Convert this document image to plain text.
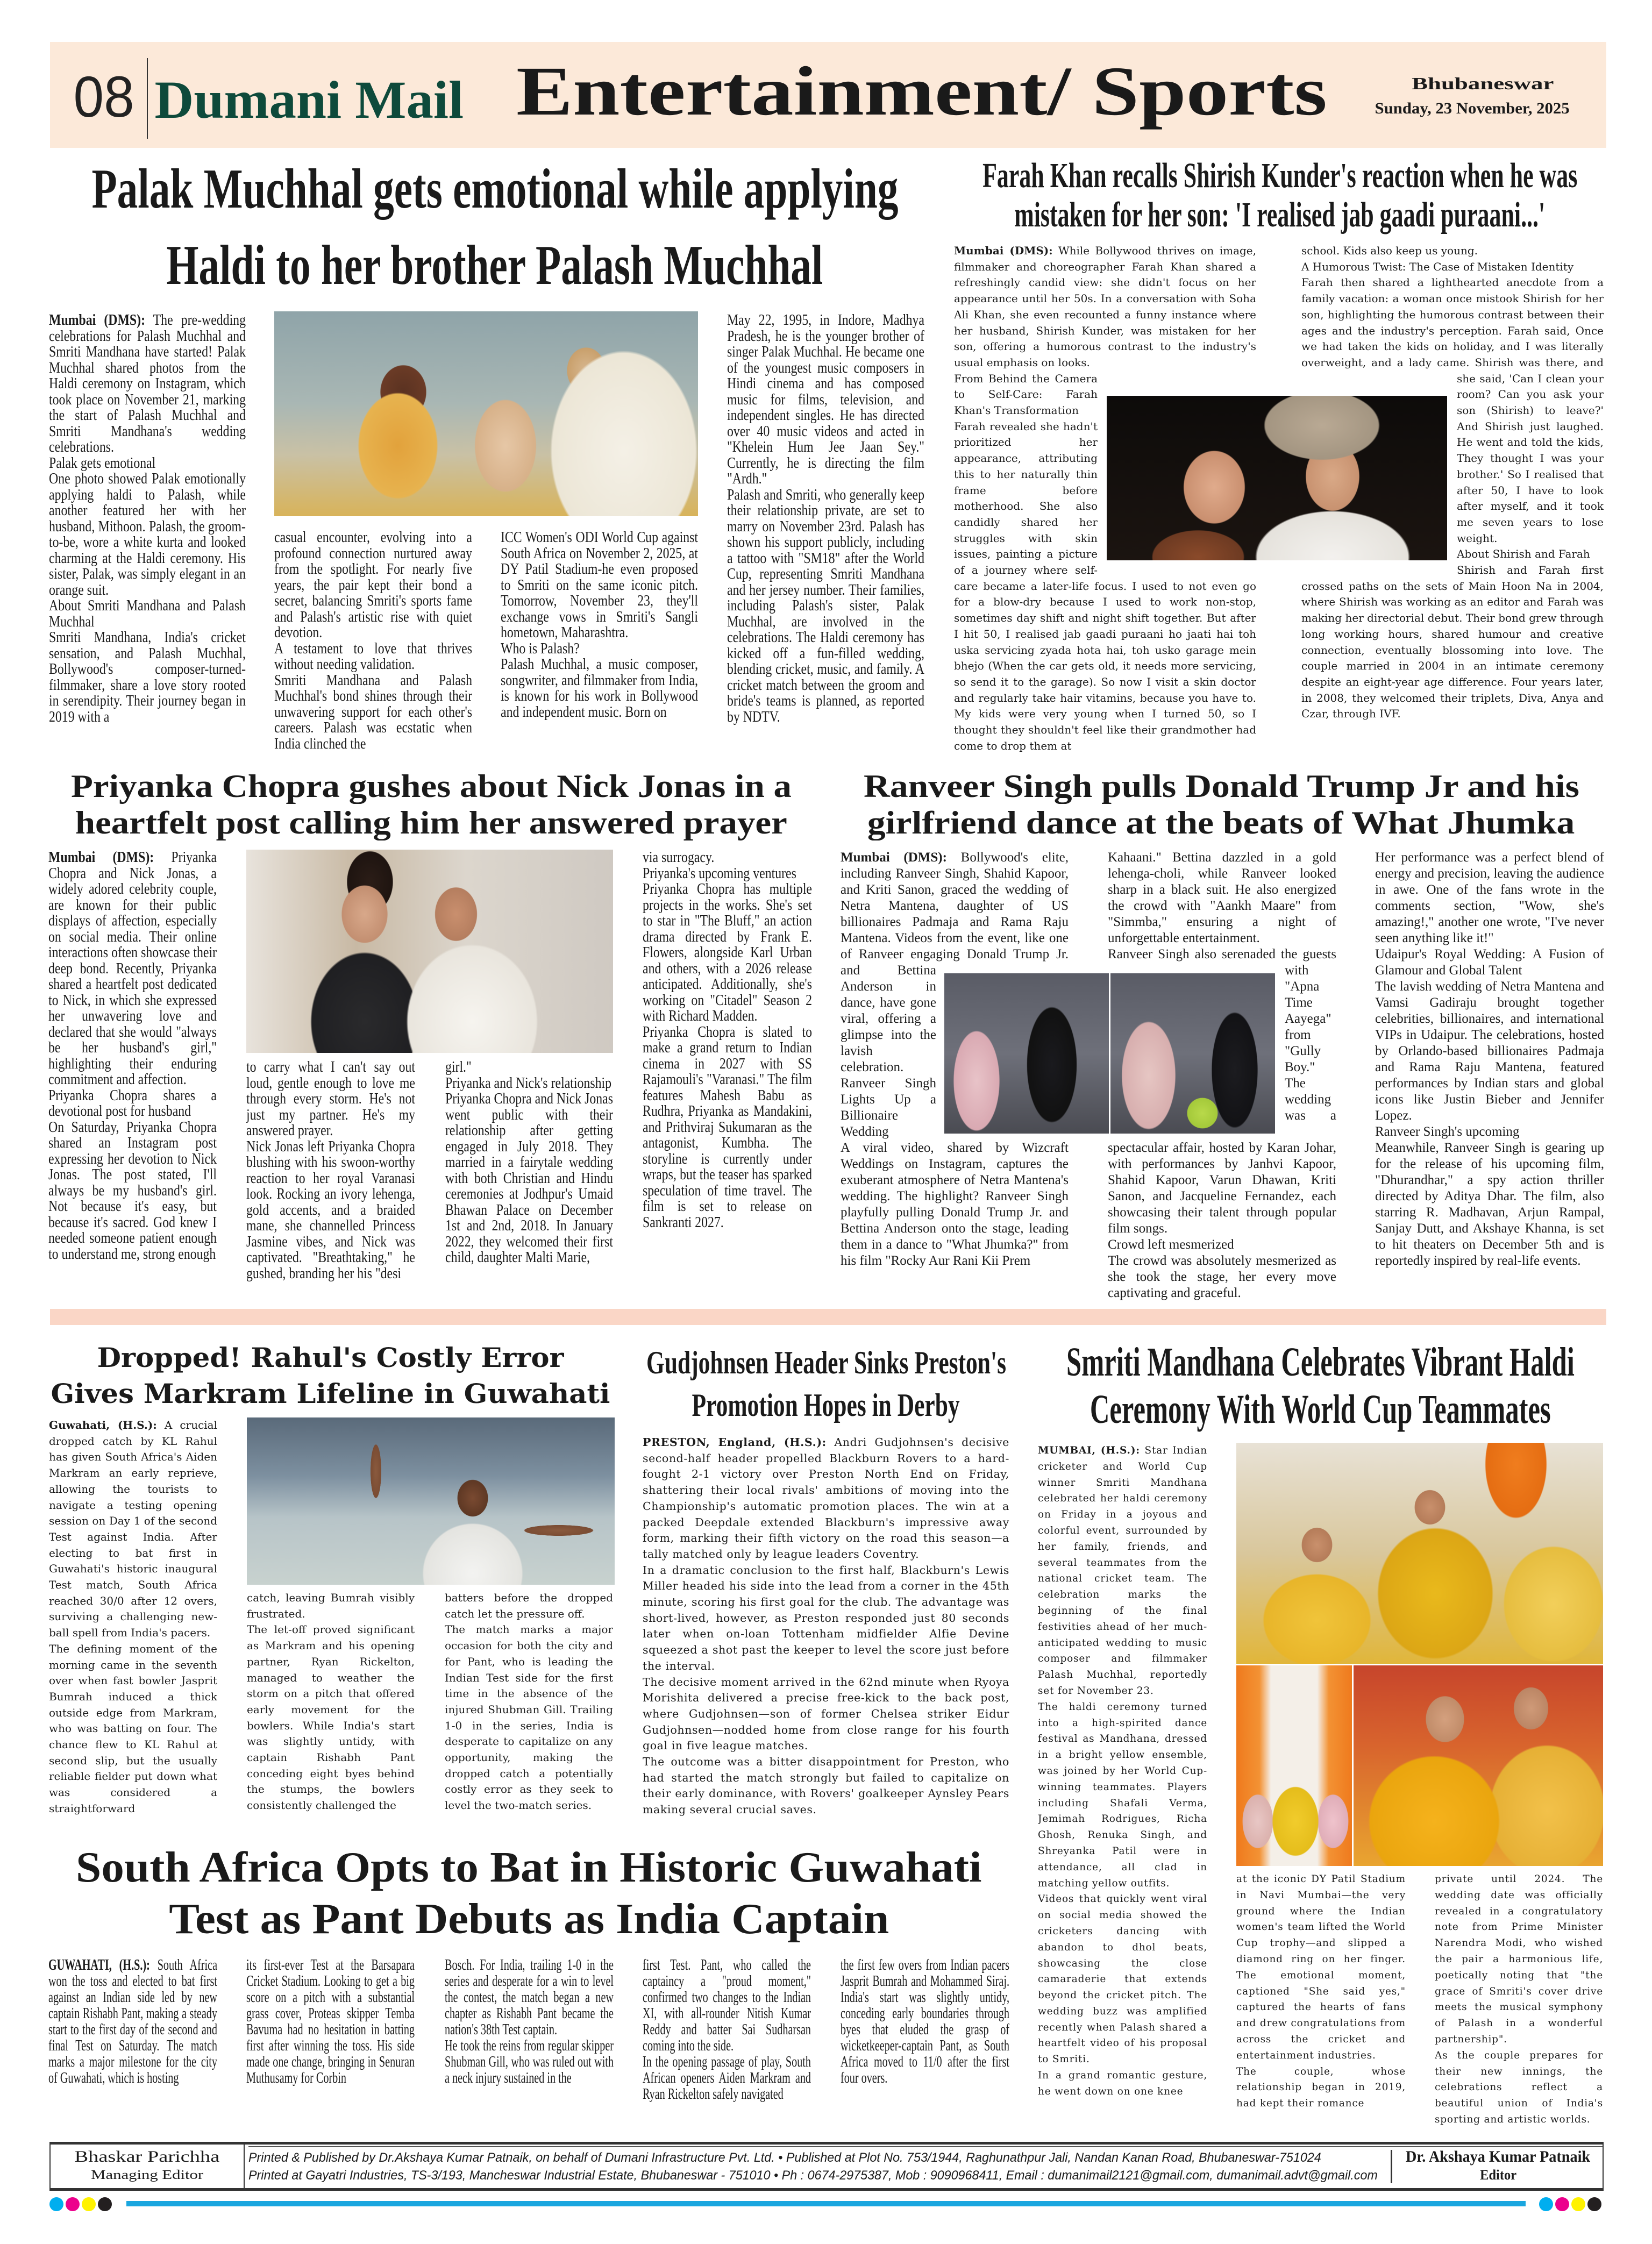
08 Dumani Mail Entertainment/ Sports	Bhubaneswar
Sunday, 23 November, 2025
Palak Muchhal gets emotional while applying
Haldi to her brother Palash Muchhal

Mumbai (DMS): The pre-wedding celebrations for Palash Muchhal and Smriti Mandhana have started! Palak Muchhal shared photos from the Haldi ceremony on Instagram, which took place on November 21, marking the start of Palash Muchhal and Smriti Mandhana's wedding celebrations.

Palak gets emotional

One photo showed Palak emotionally applying haldi to Palash, while another featured her with her husband, Mithoon. Palash, the groom-to-be, wore a white kurta and looked charming at the Haldi ceremony. His sister, Palak, was simply elegant in an orange suit.

About Smriti Mandhana and Palash Muchhal

Smriti Mandhana, India's cricket sensation, and Palash Muchhal, Bollywood's composer-turned-filmmaker, share a love story rooted in serendipity. Their journey began in 2019 with a

casual encounter, evolving into a profound connection nurtured away from the spotlight. For nearly five years, the pair kept their bond a secret, balancing Smriti's sports fame and Palash's artistic rise with quiet devotion.

A testament to love that thrives without needing validation.

Smriti Mandhana and Palash Muchhal's bond shines through their unwavering support for each other's careers. Palash was ecstatic when India clinched the

ICC Women's ODI World Cup against South Africa on November 2, 2025, at DY Patil Stadium-he even proposed to Smriti on the same iconic pitch. Tomorrow, November 23, they'll exchange vows in Smriti's Sangli hometown, Maharashtra.

Who is Palash?

Palash Muchhal, a music composer, songwriter, and filmmaker from India, is known for his work in Bollywood and independent music. Born on

May 22, 1995, in Indore, Madhya Pradesh, he is the younger brother of singer Palak Muchhal. He became one of the youngest music composers in Hindi cinema and has composed music for films, television, and independent singles. He has directed over 40 music videos and acted in "Khelein Hum Jee Jaan Sey." Currently, he is directing the film "Ardh."

Palash and Smriti, who generally keep their relationship private, are set to marry on November 23rd. Palash has shown his support publicly, including a tattoo with "SM18" after the World Cup, representing Smriti Mandhana and her jersey number. Their families, including Palash's sister, Palak Muchhal, are involved in the celebrations. The Haldi ceremony has kicked off a fun-filled wedding, blending cricket, music, and family. A cricket match between the groom and bride's teams is planned, as reported by NDTV.

Farah Khan recalls Shirish Kunder's reaction when he was
mistaken for her son: 'I realised jab gaadi puraani...'

Mumbai (DMS): While Bollywood thrives on image, filmmaker and choreographer Farah Khan shared a refreshingly candid view: she didn't focus on her appearance until her 50s. In a conversation with Soha Ali Khan, she even recounted a funny instance where her husband, Shirish Kunder, was mistaken for her son, offering a humorous contrast to the industry's usual emphasis on looks.

From Behind the Camera to Self-Care: Farah Khan's Transformation

Farah revealed she hadn't prioritized her appearance, attributing this to her naturally thin frame before motherhood. She also candidly shared her struggles with skin issues, painting a picture of a journey where self-care became a later-life focus. I used to not even go for a blow-dry because I used to work non-stop, sometimes day shift and night shift together. But after I hit 50, I realised jab gaadi puraani ho jaati hai toh uska servicing zyada hota hai, toh usko garage mein bhejo (When the car gets old, it needs more servicing, so send it to the garage). So now I visit a skin doctor and regularly take hair vitamins, because you have to. My kids were very young when I turned 50, so I thought they shouldn't feel like their grandmother had come to drop them at

school. Kids also keep us young.

A Humorous Twist: The Case of Mistaken Identity

Farah then shared a lighthearted anecdote from a family vacation: a woman once mistook Shirish for her son, highlighting the humorous contrast between their ages and the industry's perception. Farah said, Once we had taken the kids on holiday, and I was literally overweight, and a lady came. Shirish was there, and she said, 'Can I clean your room? Can you ask your son (Shirish) to leave?' And Shirish just laughed. He went and told the kids, They thought I was your brother.' So I realised that after 50, I have to look after myself, and it took me seven years to lose weight.

About Shirish and Farah

Shirish and Farah first crossed paths on the sets of Main Hoon Na in 2004, where Shirish was working as an editor and Farah was making her directorial debut. Their bond grew through long working hours, shared humour and creative connection, eventually blossoming into love. The couple married in 2004 in an intimate ceremony despite an eight-year age difference. Four years later, in 2008, they welcomed their triplets, Diva, Anya and Czar, through IVF.

Priyanka Chopra gushes about Nick Jonas in a
heartfelt post calling him her answered prayer

Mumbai (DMS): Priyanka Chopra and Nick Jonas, a widely adored celebrity couple, are known for their public displays of affection, especially on social media. Their online interactions often showcase their deep bond. Recently, Priyanka shared a heartfelt post dedicated to Nick, in which she expressed her unwavering love and declared that she would "always be her husband's girl," highlighting their enduring commitment and affection.

Priyanka Chopra shares a devotional post for husband

On Saturday, Priyanka Chopra shared an Instagram post expressing her devotion to Nick Jonas. The post stated, I'll always be my husband's girl. Not because it's easy, but because it's sacred. God knew I needed someone patient enough to understand me, strong enough

to carry what I can't say out loud, gentle enough to love me through every storm. He's not just my partner. He's my answered prayer.

Nick Jonas left Priyanka Chopra blushing with his swoon-worthy reaction to her royal Varanasi look. Rocking an ivory lehenga, gold accents, and a braided mane, she channelled Princess Jasmine vibes, and Nick was captivated. "Breathtaking," he gushed, branding her his "desi

girl."

Priyanka and Nick's relationship

Priyanka Chopra and Nick Jonas went public with their relationship after getting engaged in July 2018. They married in a fairytale wedding with both Christian and Hindu ceremonies at Jodhpur's Umaid Bhawan Palace on December 1st and 2nd, 2018. In January 2022, they welcomed their first child, daughter Malti Marie,

via surrogacy.

Priyanka's upcoming ventures

Priyanka Chopra has multiple projects in the works. She's set to star in "The Bluff," an action drama directed by Frank E. Flowers, alongside Karl Urban and others, with a 2026 release anticipated. Additionally, she's working on "Citadel" Season 2 with Richard Madden.

Priyanka Chopra is slated to make a grand return to Indian cinema in 2027 with SS Rajamouli's "Varanasi." The film features Mahesh Babu as Rudhra, Priyanka as Mandakini, and Prithviraj Sukumaran as the antagonist, Kumbha. The storyline is currently under wraps, but the teaser has sparked speculation of time travel. The film is set to release on Sankranti 2027.

Ranveer Singh pulls Donald Trump Jr and his
girlfriend dance at the beats of What Jhumka

Mumbai (DMS): Bollywood's elite, including Ranveer Singh, Shahid Kapoor, and Kriti Sanon, graced the wedding of Netra Mantena, daughter of US billionaires Padmaja and Rama Raju Mantena. Videos from the event, like one of Ranveer engaging Donald Trump Jr. and Bettina Anderson in dance, have gone viral, offering a glimpse into the lavish celebration.

Ranveer Singh Lights Up a Billionaire Wedding

A viral video, shared by Wizcraft Weddings on Instagram, captures the exuberant atmosphere of Netra Mantena's wedding. The highlight? Ranveer Singh playfully pulling Donald Trump Jr. and Bettina Anderson onto the stage, leading them in a dance to "What Jhumka?" from his film "Rocky Aur Rani Kii Prem

Kahaani." Bettina dazzled in a gold lehenga-choli, while Ranveer looked sharp in a black suit. He also energized the crowd with "Aankh Maare" from "Simmba," ensuring a night of unforgettable entertainment.

Ranveer Singh also serenaded the guests with "Apna Time Aayega" from "Gully Boy." The wedding was a spectacular affair, hosted by Karan Johar, with performances by Janhvi Kapoor, Shahid Kapoor, Varun Dhawan, Kriti Sanon, and Jacqueline Fernandez, each showcasing their talent through popular film songs.

Crowd left mesmerized

The crowd was absolutely mesmerized as she took the stage, her every move captivating and graceful.

Her performance was a perfect blend of energy and precision, leaving the audience in awe. One of the fans wrote in the comments section, "Wow, she's amazing!," another one wrote, "I've never seen anything like it!"

Udaipur's Royal Wedding: A Fusion of Glamour and Global Talent

The lavish wedding of Netra Mantena and Vamsi Gadiraju brought together celebrities, billionaires, and international VIPs in Udaipur. The celebrations, hosted by Orlando-based billionaires Padmaja and Rama Raju Mantena, featured performances by Indian stars and global icons like Justin Bieber and Jennifer Lopez.

Ranveer Singh's upcoming

Meanwhile, Ranveer Singh is gearing up for the release of his upcoming film, "Dhurandhar," a spy action thriller directed by Aditya Dhar. The film, also starring R. Madhavan, Arjun Rampal, Sanjay Dutt, and Akshaye Khanna, is set to hit theaters on December 5th and is reportedly inspired by real-life events.

Dropped! Rahul's Costly Error
Gives Markram Lifeline in Guwahati

Guwahati, (H.S.): A crucial dropped catch by KL Rahul has given South Africa's Aiden Markram an early reprieve, allowing the tourists to navigate a testing opening session on Day 1 of the second Test against India. After electing to bat first in Guwahati's historic inaugural Test match, South Africa reached 30/0 after 12 overs, surviving a challenging new-ball spell from India's pacers.

The defining moment of the morning came in the seventh over when fast bowler Jasprit Bumrah induced a thick outside edge from Markram, who was batting on four. The chance flew to KL Rahul at second slip, but the usually reliable fielder put down what was considered a straightforward

catch, leaving Bumrah visibly frustrated.

The let-off proved significant as Markram and his opening partner, Ryan Rickelton, managed to weather the storm on a pitch that offered early movement for the bowlers. While India's start was slightly untidy, with captain Rishabh Pant conceding eight byes behind the stumps, the bowlers consistently challenged the

batters before the dropped catch let the pressure off.

The match marks a major occasion for both the city and for Pant, who is leading the Indian Test side for the first time in the absence of the injured Shubman Gill. Trailing 1-0 in the series, India is desperate to capitalize on any opportunity, making the dropped catch a potentially costly error as they seek to level the two-match series.

Gudjohnsen Header Sinks Preston's
Promotion Hopes in Derby

PRESTON, England, (H.S.): Andri Gudjohnsen's decisive second-half header propelled Blackburn Rovers to a hard-fought 2-1 victory over Preston North End on Friday, shattering their local rivals' ambitions of moving into the Championship's automatic promotion places. The win at a packed Deepdale extended Blackburn's impressive away form, marking their fifth victory on the road this season—a tally matched only by league leaders Coventry.

In a dramatic conclusion to the first half, Blackburn's Lewis Miller headed his side into the lead from a corner in the 45th minute, scoring his first goal for the club. The advantage was short-lived, however, as Preston responded just 80 seconds later when on-loan Tottenham midfielder Alfie Devine squeezed a shot past the keeper to level the score just before the interval.

The decisive moment arrived in the 62nd minute when Ryoya Morishita delivered a precise free-kick to the back post, where Gudjohnsen—son of former Chelsea striker Eidur Gudjohnsen—nodded home from close range for his fourth goal in five league matches.

The outcome was a bitter disappointment for Preston, who had started the match strongly but failed to capitalize on their early dominance, with Rovers' goalkeeper Aynsley Pears making several crucial saves.

Smriti Mandhana Celebrates Vibrant Haldi
Ceremony With World Cup Teammates

MUMBAI, (H.S.): Star Indian cricketer and World Cup winner Smriti Mandhana celebrated her haldi ceremony on Friday in a joyous and colorful event, surrounded by her family, friends, and several teammates from the national cricket team. The celebration marks the beginning of the final festivities ahead of her much-anticipated wedding to music composer and filmmaker Palash Muchhal, reportedly set for November 23.

The haldi ceremony turned into a high-spirited dance festival as Mandhana, dressed in a bright yellow ensemble, was joined by her World Cup-winning teammates. Players including Shafali Verma, Jemimah Rodrigues, Richa Ghosh, Renuka Singh, and Shreyanka Patil were in attendance, all clad in matching yellow outfits.

Videos that quickly went viral on social media showed the cricketers dancing with abandon to dhol beats, showcasing the close camaraderie that extends beyond the cricket pitch. The wedding buzz was amplified recently when Palash shared a heartfelt video of his proposal to Smriti.

In a grand romantic gesture, he went down on one knee

at the iconic DY Patil Stadium in Navi Mumbai—the very ground where the Indian women's team lifted the World Cup trophy—and slipped a diamond ring on her finger. The emotional moment, captioned "She said yes," captured the hearts of fans and drew congratulations from across the cricket and entertainment industries.

The couple, whose relationship began in 2019, had kept their romance

private until 2024. The wedding date was officially revealed in a congratulatory note from Prime Minister Narendra Modi, who wished the pair a harmonious life, poetically noting that "the grace of Smriti's cover drive meets the musical symphony of Palash in a wonderful partnership".

As the couple prepares for their new innings, the celebrations reflect a beautiful union of India's sporting and artistic worlds.

South Africa Opts to Bat in Historic Guwahati
Test as Pant Debuts as India Captain

GUWAHATI, (H.S.): South Africa won the toss and elected to bat first against an Indian side led by new captain Rishabh Pant, making a steady start to the first day of the second and final Test on Saturday. The match marks a major milestone for the city of Guwahati, which is hosting

its first-ever Test at the Barsapara Cricket Stadium. Looking to get a big score on a pitch with a substantial grass cover, Proteas skipper Temba Bavuma had no hesitation in batting first after winning the toss. His side made one change, bringing in Senuran Muthusamy for Corbin

Bosch. For India, trailing 1-0 in the series and desperate for a win to level the contest, the match began a new chapter as Rishabh Pant became the nation's 38th Test captain.

He took the reins from regular skipper Shubman Gill, who was ruled out with a neck injury sustained in the

first Test. Pant, who called the captaincy a "proud moment," confirmed two changes to the Indian XI, with all-rounder Nitish Kumar Reddy and batter Sai Sudharsan coming into the side.

In the opening passage of play, South African openers Aiden Markram and Ryan Rickelton safely navigated

the first few overs from Indian pacers Jasprit Bumrah and Mohammed Siraj. India's start was slightly untidy, conceding early boundaries through byes that eluded the grasp of wicketkeeper-captain Pant, as South Africa moved to 11/0 after the first four overs.

Bhaskar Parichha
Managing Editor
Printed & Published by Dr.Akshaya Kumar Patnaik, on behalf of Dumani Infrastructure Pvt. Ltd. • Published at Plot No. 753/1944, Raghunathpur Jali, Nandan Kanan Road, Bhubaneswar-751024
Printed at Gayatri Industries, TS-3/193, Mancheswar Industrial Estate, Bhubaneswar - 751010 • Ph : 0674-2975387, Mob : 9090968411, Email : dumanimail2121@gmail.com, dumanimail.advt@gmail.com
Dr. Akshaya Kumar Patnaik
Editor
